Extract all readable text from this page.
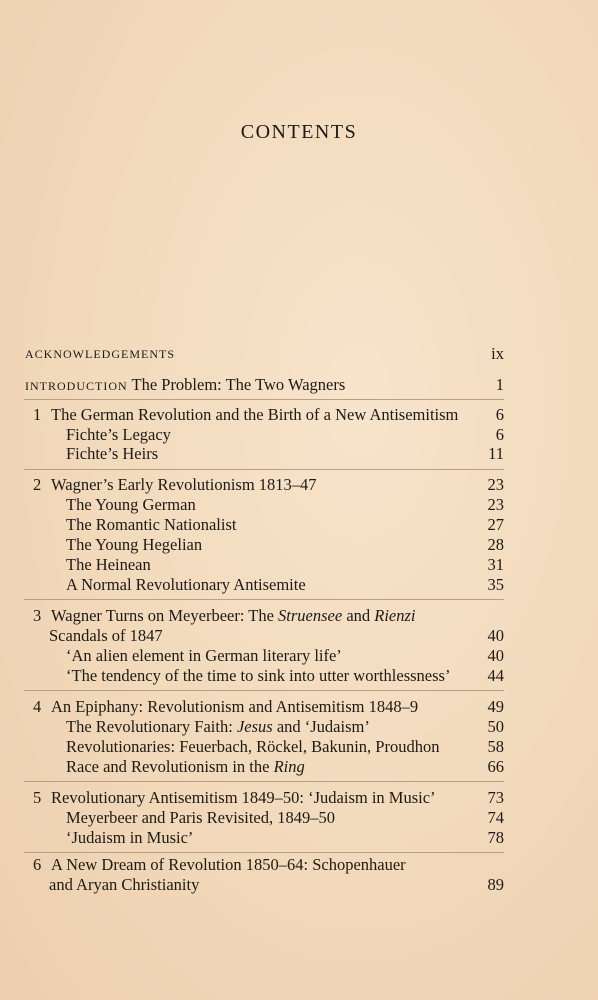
CONTENTS
ACKNOWLEDGEMENTS	ix
INTRODUCTION The Problem: The Two Wagners	1
1 The German Revolution and the Birth of a New Antisemitism 6
Fichte’s Legacy	6
Fichte’s Heirs	11
2 Wagner’s Early Revolutionism 1813–47	23
The Young German	23
The Romantic Nationalist	27
The Young Hegelian	28
The Heinean	31
A Normal Revolutionary Antisemite	35
3 Wagner Turns on Meyerbeer: The Struensee and Rienzi
Scandals of 1847	40
‘An alien element in German literary life’	40
‘The tendency of the time to sink into utter worthlessness’ 44
4 An Epiphany: Revolutionism and Antisemitism 1848–9	49
The Revolutionary Faith: Jesus and ‘Judaism’	50
Revolutionaries: Feuerbach, Röckel, Bakunin, Proudhon	58
Race and Revolutionism in the Ring	66
5 Revolutionary Antisemitism 1849–50: ‘Judaism in Music’	73
Meyerbeer and Paris Revisited, 1849–50	74
‘Judaism in Music’	78
6 A New Dream of Revolution 1850–64: Schopenhauer
and Aryan Christianity	89
